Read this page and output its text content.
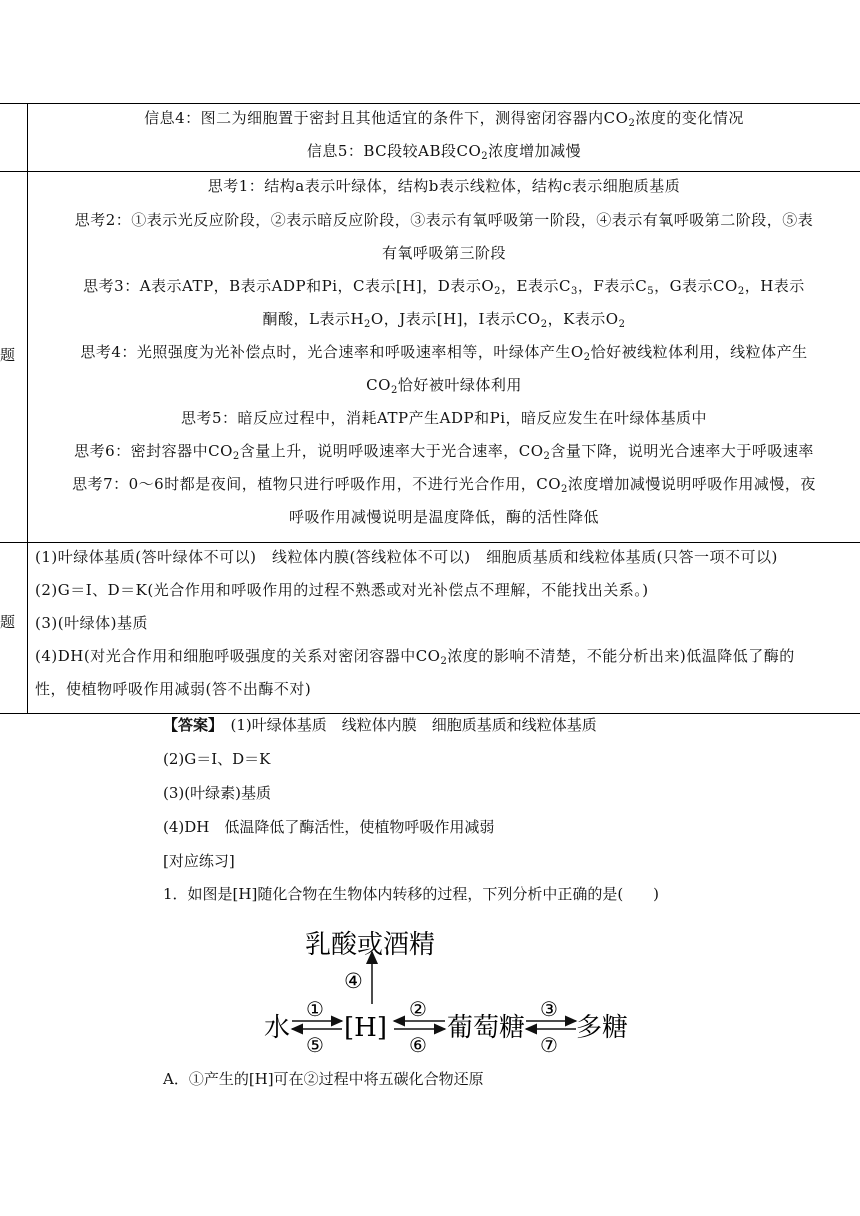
信息4：图二为细胞置于密封且其他适宜的条件下，测得密闭容器内$CO_2$浓度的变化情况
信息5：BC段较AB段$CO_2$浓度增加减慢
题
思考1：结构a表示叶绿体，结构b表示线粒体，结构c表示细胞质基质
思考2：①表示光反应阶段，②表示暗反应阶段，③表示有氧呼吸第一阶段，④表示有氧呼吸第二阶段，⑤表
有氧呼吸第三阶段
思考3：A表示ATP，B表示ADP和Pi，C表示[H]，D表示$O_2$，E表示$C_3$，F表示$C_5$，G表示$CO_2$，H表示
酮酸，L表示$H_2O$，J表示[H]，I表示$CO_2$，K表示$O_2$
思考4：光照强度为光补偿点时，光合速率和呼吸速率相等，叶绿体产生$O_2$恰好被线粒体利用，线粒体产生
$CO_2$恰好被叶绿体利用
思考5：暗反应过程中，消耗ATP产生ADP和Pi，暗反应发生在叶绿体基质中
思考6：密封容器中$CO_2$含量上升，说明呼吸速率大于光合速率，$CO_2$含量下降，说明光合速率大于呼吸速率
思考7：0～6时都是夜间，植物只进行呼吸作用，不进行光合作用，$CO_2$浓度增加减慢说明呼吸作用减慢，夜
呼吸作用减慢说明是温度降低，酶的活性降低
题
(1)叶绿体基质(答叶绿体不可以)　线粒体内膜(答线粒体不可以)　细胞质基质和线粒体基质(只答一项不可以)
(2)G＝I、D＝K(光合作用和呼吸作用的过程不熟悉或对光补偿点不理解，不能找出关系。)
(3)(叶绿体)基质
(4)DH(对光合作用和细胞呼吸强度的关系对密闭容器中$CO_2$浓度的影响不清楚，不能分析出来)低温降低了酶的
性，使植物呼吸作用减弱(答不出酶不对)
【答案】　(1)叶绿体基质　线粒体内膜　细胞质基质和线粒体基质
(2)G＝I、D＝K
(3)(叶绿素)基质
(4)DH　低温降低了酶活性，使植物呼吸作用减弱
[对应练习]
1．如图是[H]随化合物在生物体内转移的过程，下列分析中正确的是(　　)
乳酸或酒精
④
水 [H] 葡萄糖 多糖
①
⑤
②
⑥
③
⑦
A．①产生的[H]可在②过程中将五碳化合物还原
